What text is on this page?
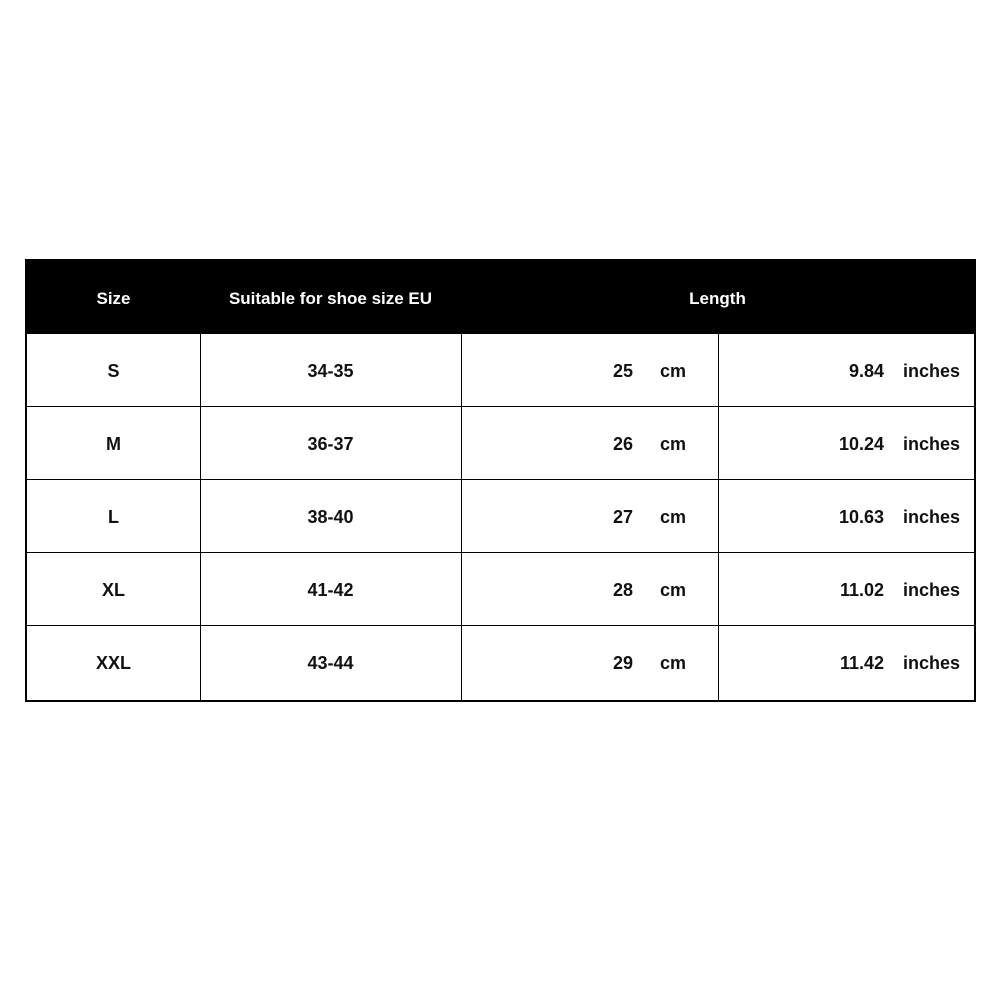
Size	Suitable for shoe size EU	Length
S	34-35	25 cm	9.84 inches
M	36-37	26 cm	10.24 inches
L	38-40	27 cm	10.63 inches
XL	41-42	28 cm	11.02 inches
XXL	43-44	29 cm	11.42 inches
